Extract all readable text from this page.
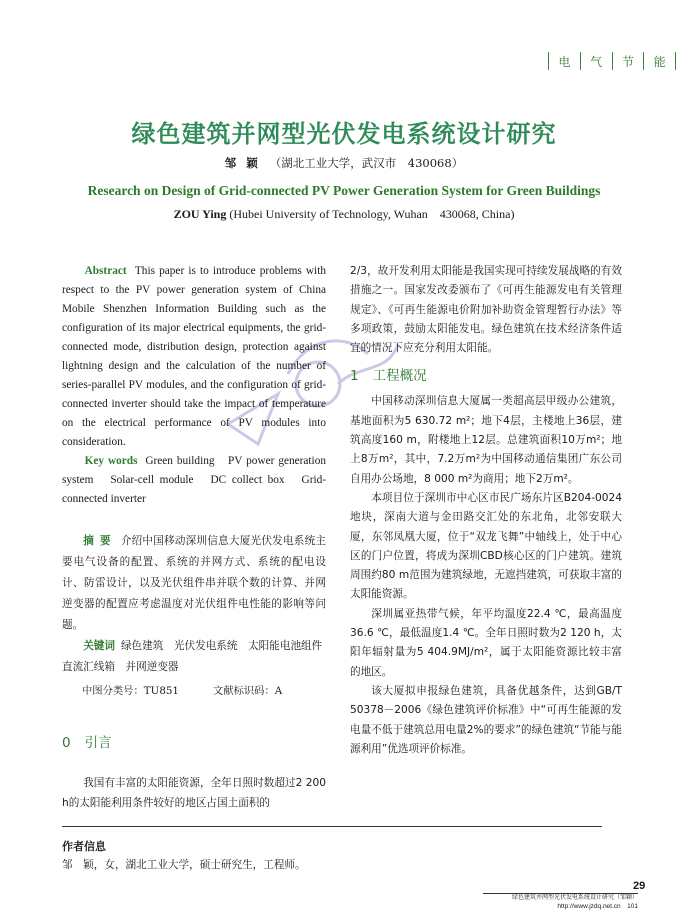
电	气	节	能
绿色建筑并网型光伏发电系统设计研究
邹颖 （湖北工业大学，武汉市　430068）
Research on Design of Grid-connected PV Power Generation System for Green Buildings
ZOU Ying (Hubei University of Technology, Wuhan　430068, China)
Abstract This paper is to introduce problems with respect to the PV power generation system of China Mobile Shenzhen Information Building such as the configuration of its major electrical equipments, the grid-connected mode, distribution design, protection against lightning design and the calculation of the number of series-parallel PV modules, and the configuration of grid-connected inverter should take the impact of temperature on the electrical performance of PV modules into consideration.
Key words Green building　PV power generation system　Solar-cell module　DC collect box　Grid-connected inverter
摘要 介绍中国移动深圳信息大厦光伏发电系统主要电气设备的配置、系统的并网方式、系统的配电设计、防雷设计，以及光伏组件串并联个数的计算、并网逆变器的配置应考虑温度对光伏组件电性能的影响等问题。
关键词 绿色建筑　光伏发电系统　太阳能电池组件　直流汇线箱　并网逆变器
中图分类号：TU851	文献标识码：A
0 引言
我国有丰富的太阳能资源，全年日照时数超过2 200 h的太阳能利用条件较好的地区占国土面积的
2/3，故开发利用太阳能是我国实现可持续发展战略的有效措施之一。国家发改委颁布了《可再生能源发电有关管理规定》、《可再生能源电价附加补助资金管理暂行办法》等多项政策，鼓励太阳能发电。绿色建筑在技术经济条件适宜的情况下应充分利用太阳能。
1 工程概况
中国移动深圳信息大厦属一类超高层甲级办公建筑，基地面积为5 630.72 m²；地下4层，主楼地上36层，建筑高度160 m，附楼地上12层。总建筑面积10万m²；地上8万m²，其中，7.2万m²为中国移动通信集团广东公司自用办公场地，8 000 m²为商用；地下2万m²。
本项目位于深圳市中心区市民广场东片区B204-0024地块，深南大道与金田路交汇处的东北角，北邻安联大厦，东邻凤凰大厦，位于“双龙飞舞”中轴线上，处于中心区的门户位置，将成为深圳CBD核心区的门户建筑。建筑周围约80 m范围为建筑绿地，无遮挡建筑，可获取丰富的太阳能资源。
深圳属亚热带气候，年平均温度22.4 ℃，最高温度36.6 ℃，最低温度1.4 ℃。全年日照时数为2 120 h，太阳年辐射量为5 404.9MJ/m²，属于太阳能资源比较丰富的地区。
该大厦拟申报绿色建筑，具备优越条件，达到GB/T 50378－2006《绿色建筑评价标准》中“可再生能源的发电量不低于建筑总用电量2%的要求”的绿色建筑“节能与能源利用”优选项评价标准。
作者信息
邹　颖，女，湖北工业大学，硕士研究生，工程师。
29
绿色建筑并网型光伏发电系统设计研究（邹颖）
http://www.jzdq.net.cn　101
